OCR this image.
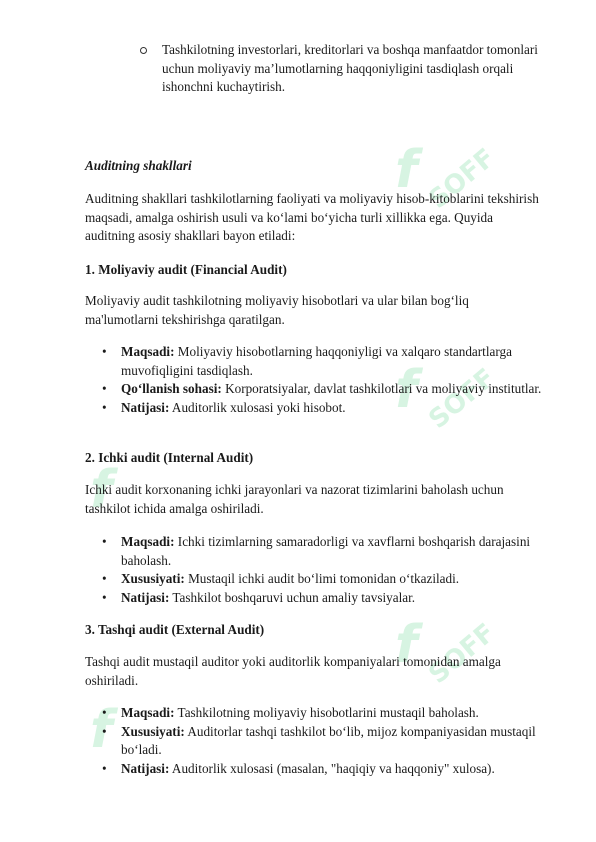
f SOFF
f SOFF
f SOFF
f
f
Tashkilotning investorlari, kreditorlari va boshqa manfaatdor tomonlari uchun moliyaviy ma’lumotlarning haqqoniyligini tasdiqlash orqali ishonchni kuchaytirish.
Auditning shakllari
Auditning shakllari tashkilotlarning faoliyati va moliyaviy hisob-kitoblarini tekshirish maqsadi, amalga oshirish usuli va ko‘lami bo‘yicha turli xillikka ega. Quyida auditning asosiy shakllari bayon etiladi:
1. Moliyaviy audit (Financial Audit)
Moliyaviy audit tashkilotning moliyaviy hisobotlari va ular bilan bog‘liq ma'lumotlarni tekshirishga qaratilgan.
• Maqsadi: Moliyaviy hisobotlarning haqqoniyligi va xalqaro standartlarga muvofiqligini tasdiqlash.
• Qo‘llanish sohasi: Korporatsiyalar, davlat tashkilotlari va moliyaviy institutlar.
• Natijasi: Auditorlik xulosasi yoki hisobot.
2. Ichki audit (Internal Audit)
Ichki audit korxonaning ichki jarayonlari va nazorat tizimlarini baholash uchun tashkilot ichida amalga oshiriladi.
• Maqsadi: Ichki tizimlarning samaradorligi va xavflarni boshqarish darajasini baholash.
• Xususiyati: Mustaqil ichki audit bo‘limi tomonidan o‘tkaziladi.
• Natijasi: Tashkilot boshqaruvi uchun amaliy tavsiyalar.
3. Tashqi audit (External Audit)
Tashqi audit mustaqil auditor yoki auditorlik kompaniyalari tomonidan amalga oshiriladi.
• Maqsadi: Tashkilotning moliyaviy hisobotlarini mustaqil baholash.
• Xususiyati: Auditorlar tashqi tashkilot bo‘lib, mijoz kompaniyasidan mustaqil bo‘ladi.
• Natijasi: Auditorlik xulosasi (masalan, "haqiqiy va haqqoniy" xulosa).
